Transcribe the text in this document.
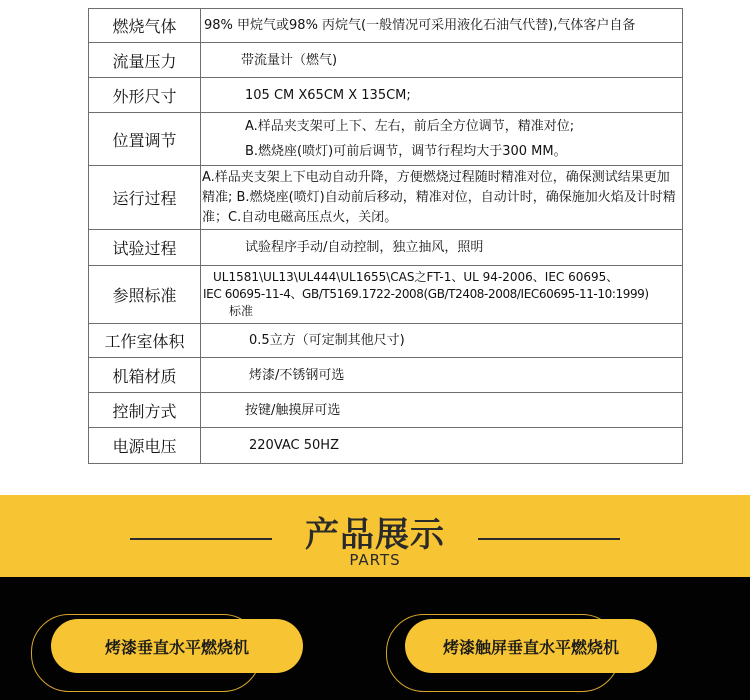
燃烧气体	98% 甲烷气或98% 丙烷气(一般情况可采用液化石油气代替),气体客户自备

流量压力	带流量计（燃气)

外形尺寸	105 CM X65CM X 135CM;

位置调节	A.样品夹支架可上下、左右，前后全方位调节，精准对位;
B.燃烧座(喷灯)可前后调节，调节行程均大于300 MM。

运行过程	A.样品夹支架上下电动自动升降，方便燃烧过程随时精准对位，确保测试结果更加精准; B.燃烧座(喷灯)自动前后移动，精准对位，自动计时，确保施加火焰及计时精准；C.自动电磁高压点火，关闭。

试验过程	试验程序手动/自动控制，独立抽风，照明

参照标准	UL1581\UL13\UL444\UL1655\CAS之FT-1、UL 94-2006、IEC 60695、
IEC 60695-11-4、GB/T5169.1722-2008(GB/T2408-2008/IEC60695-11-10:1999)
标准

工作室体积	0.5立方（可定制其他尺寸)

机箱材质	烤漆/不锈钢可选

控制方式	按键/触摸屏可选

电源电压	220VAC 50HZ
产品展示
PARTS
烤漆垂直水平燃烧机	烤漆触屏垂直水平燃烧机
